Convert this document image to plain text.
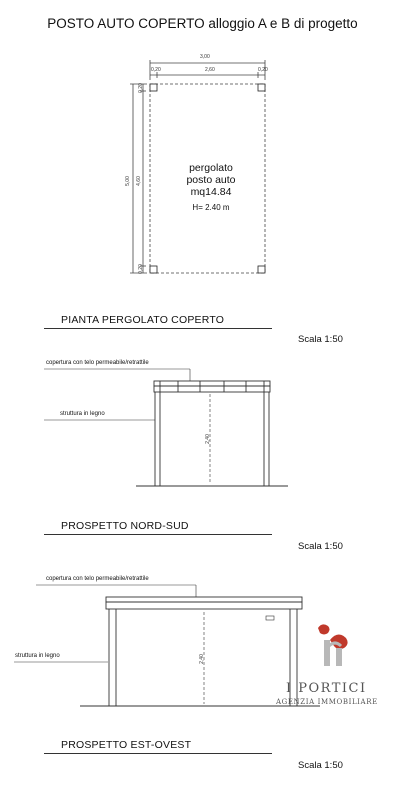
POSTO AUTO COPERTO alloggio A e B di progetto
3,00
0,20	2,60	0,20
5,00 4,60
0,20
0,20
pergolato
posto auto
mq14.84
H= 2.40 m
PIANTA PERGOLATO COPERTO
Scala 1:50
copertura con telo permeabile/retrattile
struttura in legno
2,40
PROSPETTO NORD-SUD
Scala 1:50
copertura con telo permeabile/retrattile
struttura in legno	2,40
PROSPETTO EST-OVEST
Scala 1:50
I PORTICI
AGENZIA IMMOBILIARE
